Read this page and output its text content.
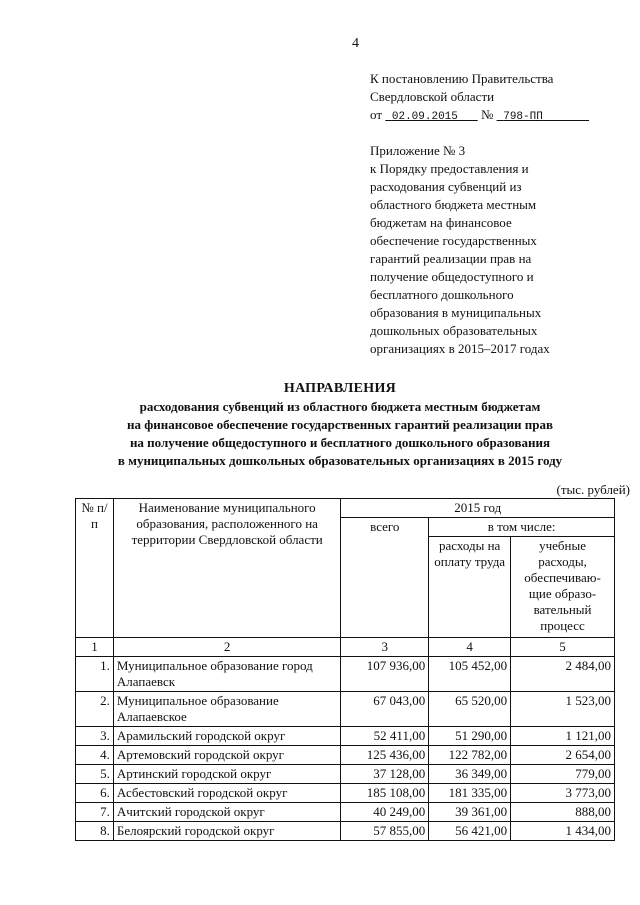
4
К постановлению Правительства
Свердловской области
от 02.09.2015 № 798-ПП
Приложение № 3
к Порядку предоставления и
расходования субвенций из
областного бюджета местным
бюджетам на финансовое
обеспечение государственных
гарантий реализации прав на
получение общедоступного и
бесплатного дошкольного
образования в муниципальных
дошкольных образовательных
организациях в 2015–2017 годах
НАПРАВЛЕНИЯ
расходования субвенций из областного бюджета местным бюджетам
на финансовое обеспечение государственных гарантий реализации прав
на получение общедоступного и бесплатного дошкольного образования
в муниципальных дошкольных образовательных организациях в 2015 году
(тыс. рублей)
№ п/п	Наименование муниципального образования, расположенного на территории Свердловской области	2015 год		
		всего	в том числе:	
			расходы на оплату труда	учебные расходы, обеспечиваю-щие образо-вательный процесс
1	2	3	4	5
1.	Муниципальное образование город Алапаевск	107 936,00	105 452,00	2 484,00
2.	Муниципальное образование Алапаевское	67 043,00	65 520,00	1 523,00
3.	Арамильский городской округ	52 411,00	51 290,00	1 121,00
4.	Артемовский городской округ	125 436,00	122 782,00	2 654,00
5.	Артинский городской округ	37 128,00	36 349,00	779,00
6.	Асбестовский городской округ	185 108,00	181 335,00	3 773,00
7.	Ачитский городской округ	40 249,00	39 361,00	888,00
8.	Белоярский городской округ	57 855,00	56 421,00	1 434,00
